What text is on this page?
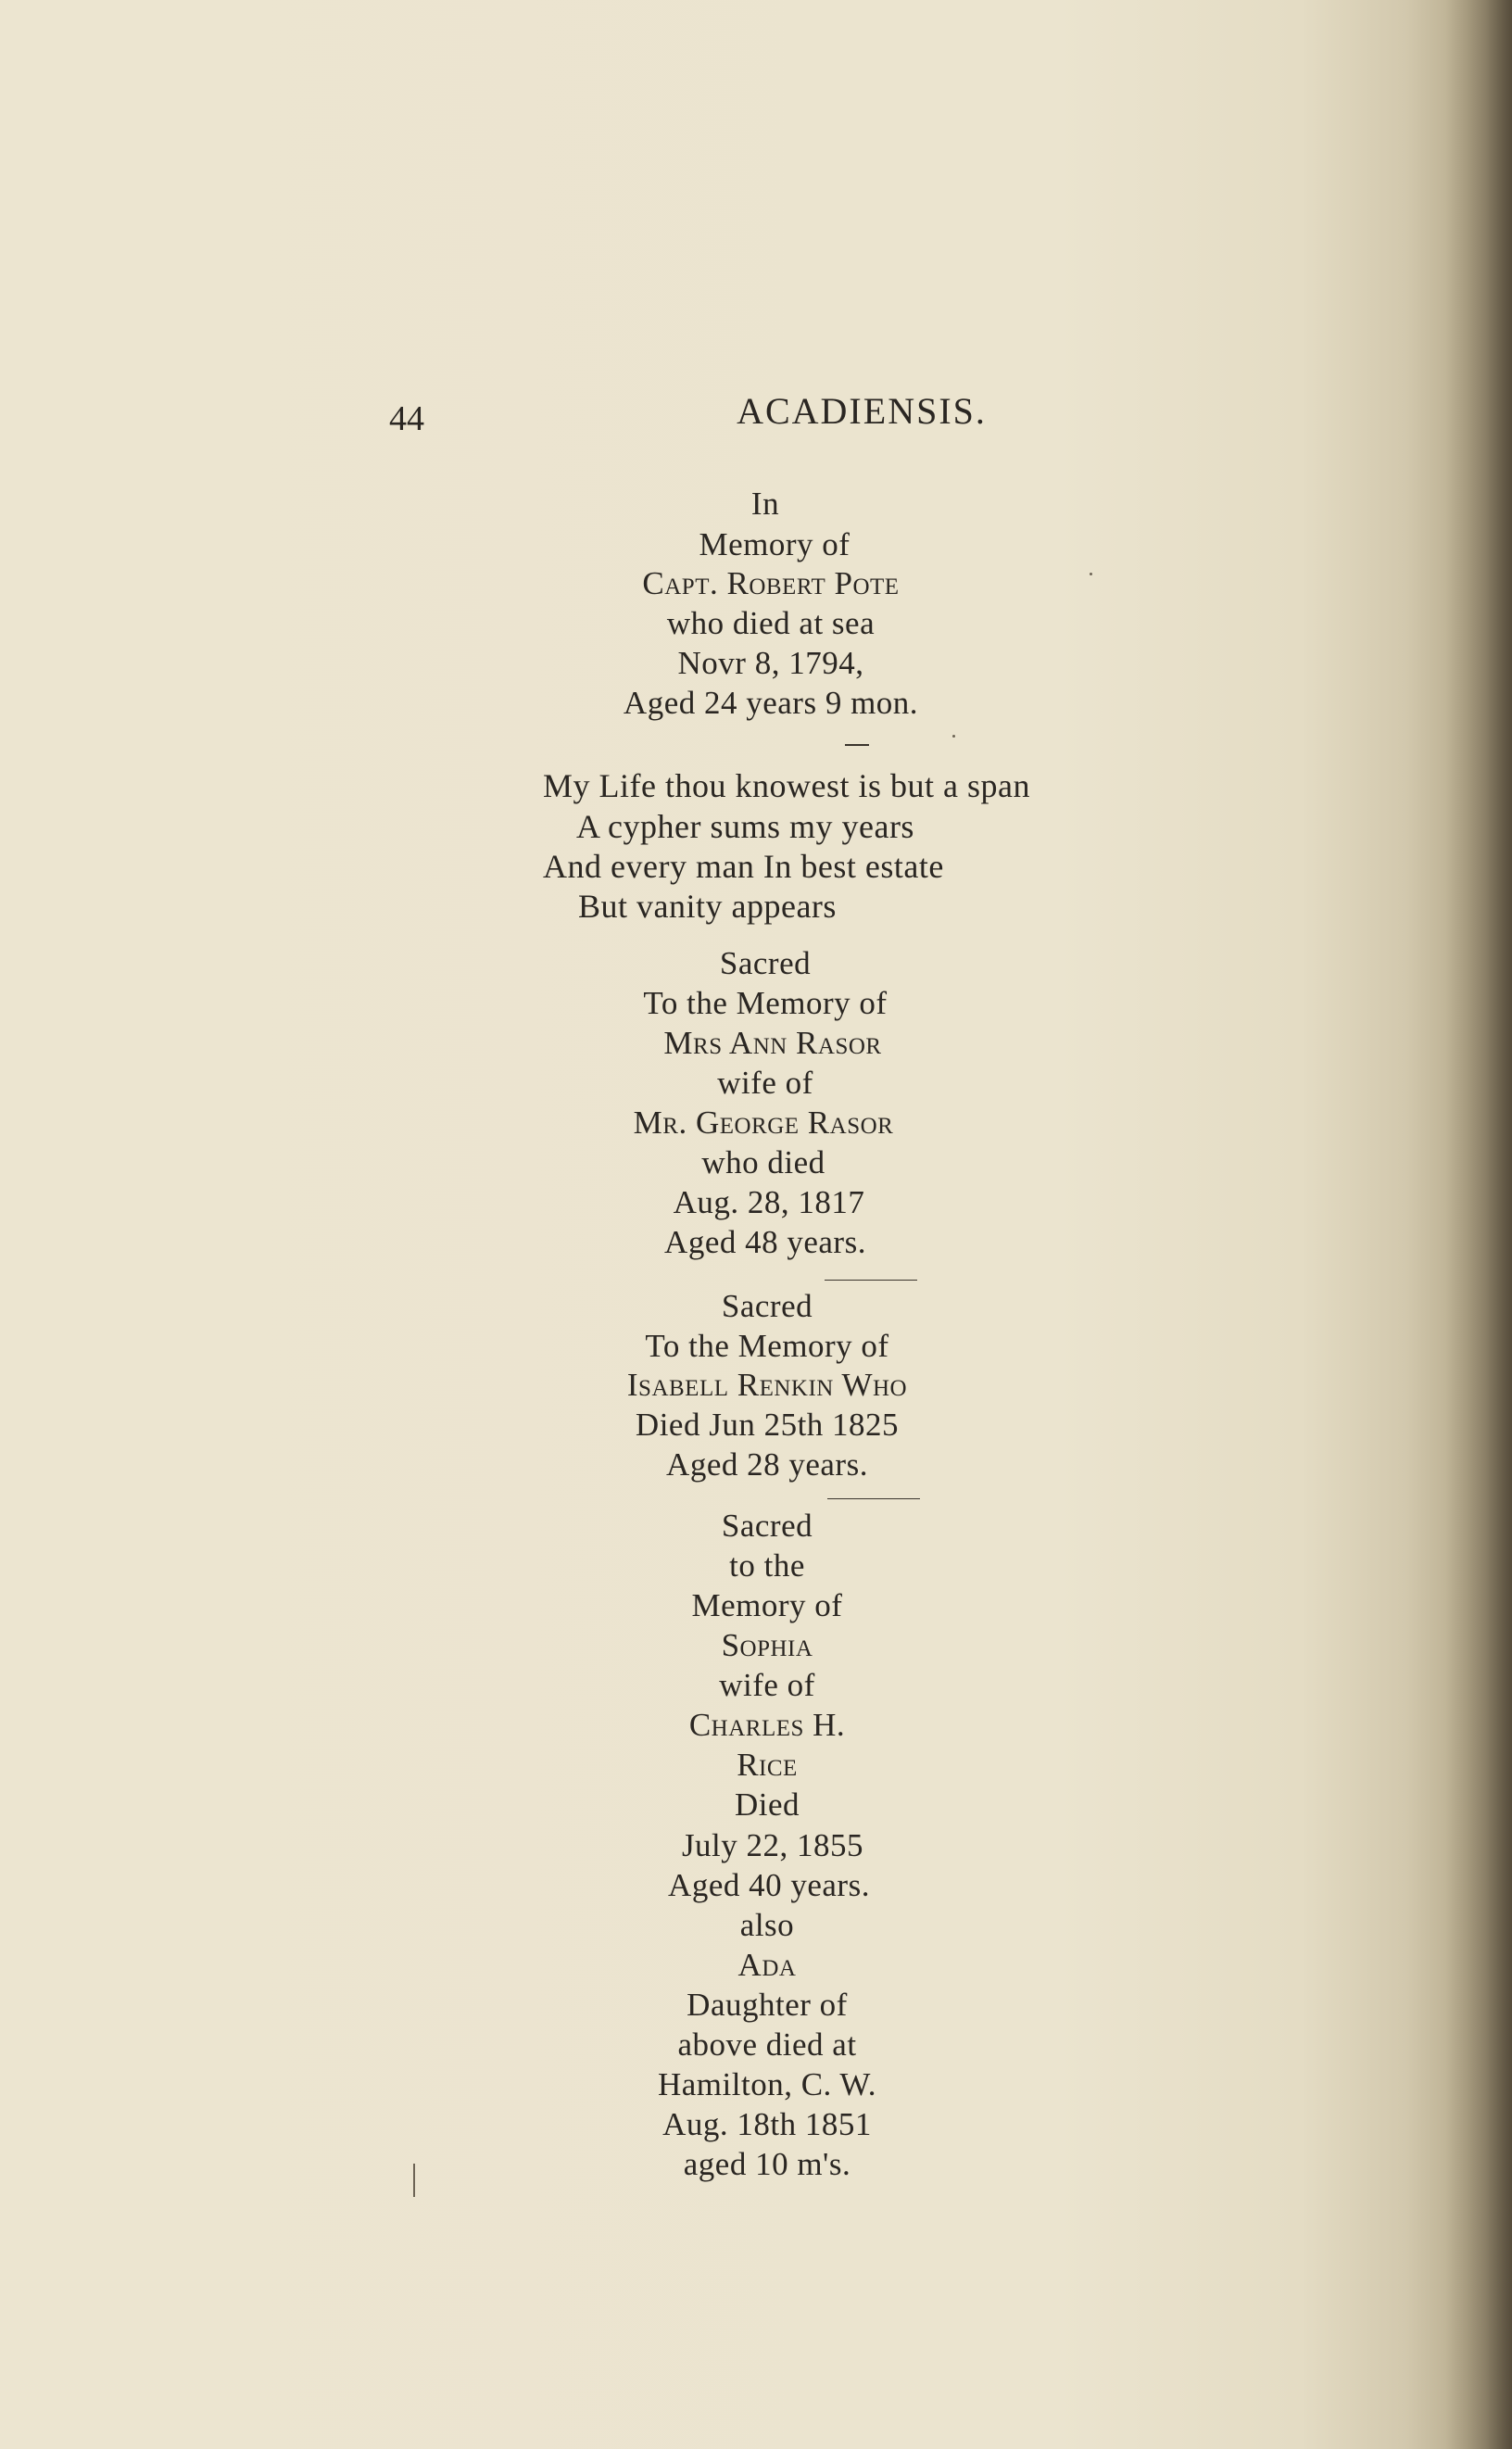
44	ACADIENSIS.
In
Memory of
Capt. Robert Pote
who died at sea
Novr 8, 1794,
Aged 24 years 9 mon.
My Life thou knowest is but a span
A cypher sums my years
And every man In best estate
But vanity appears
Sacred
To the Memory of
Mrs Ann Rasor
wife of
Mr. George Rasor
who died
Aug. 28, 1817
Aged 48 years.
Sacred
To the Memory of
Isabell Renkin Who
Died Jun 25th 1825
Aged 28 years.
Sacred
to the
Memory of
Sophia
wife of
Charles H.
Rice
Died
July 22, 1855
Aged 40 years.
also
Ada
Daughter of
above died at
Hamilton, C. W.
Aug. 18th 1851
aged 10 m's.
